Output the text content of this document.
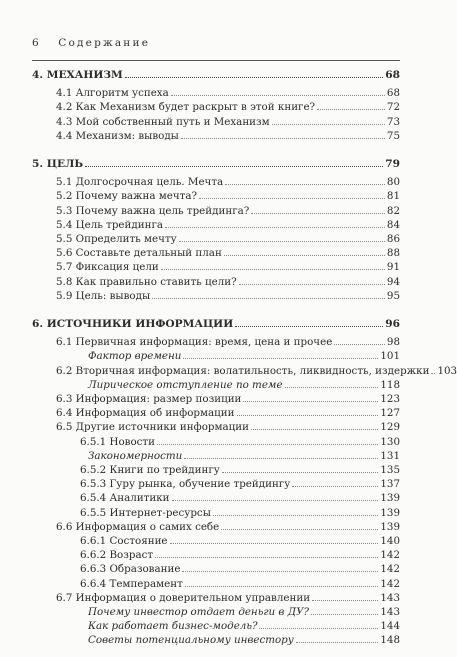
6 Содержание
4. МЕХАНИЗМ	68
4.1 Алгоритм успеха	68
4.2 Как Механизм будет раскрыт в этой книге?	72
4.3 Мой собственный путь и Механизм	73
4.4 Механизм: выводы	75
5. ЦЕЛЬ	79
5.1 Долгосрочная цель. Мечта	80
5.2 Почему важна мечта?	81
5.3 Почему важна цель трейдинга?	82
5.4 Цель трейдинга	84
5.5 Определить мечту	86
5.6 Составьте детальный план	88
5.7 Фиксация цели	91
5.8 Как правильно ставить цели?	94
5.9 Цель: выводы	95
6. ИСТОЧНИКИ ИНФОРМАЦИИ	96
6.1 Первичная информация: время, цена и прочее	98
Фактор времени	101
6.2 Вторичная информация: волатильность, ликвидность, издержки 103
Лирическое отступление по теме	118
6.3 Информация: размер позиции	123
6.4 Информация об информации	127
6.5 Другие источники информации	129
6.5.1 Новости	130
Закономерности	131
6.5.2 Книги по трейдингу	135
6.5.3 Гуру рынка, обучение трейдингу	137
6.5.4 Аналитики	139
6.5.5 Интернет-ресурсы	139
6.6 Информация о самих себе	139
6.6.1 Состояние	140
6.6.2 Возраст	142
6.6.3 Образование	142
6.6.4 Темперамент	142
6.7 Информация о доверительном управлении	143
Почему инвестор отдает деньги в ДУ?	143
Как работает бизнес-модель?	144
Советы потенциальному инвестору	148
